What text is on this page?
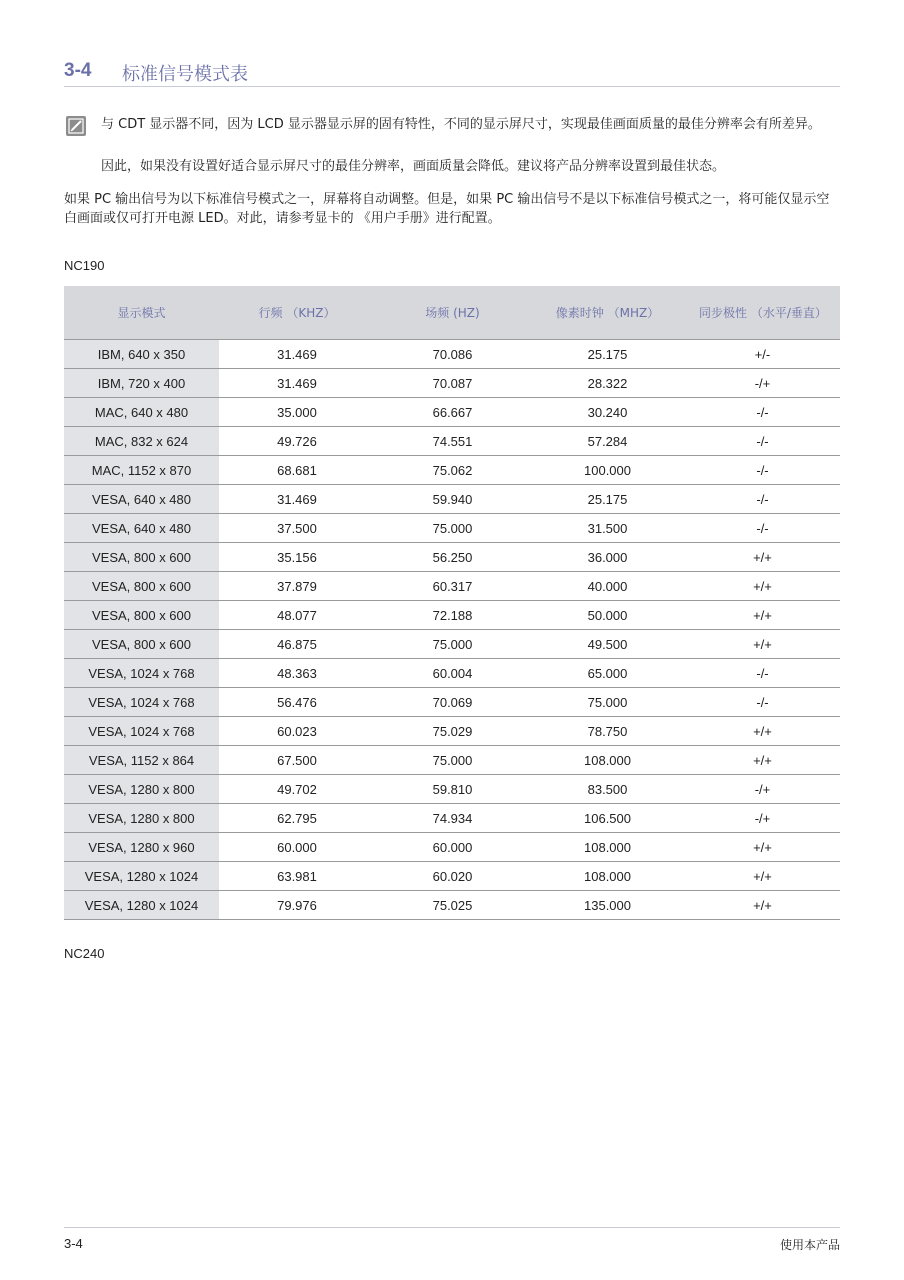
3-4 标准信号模式表

与 CDT 显示器不同，因为 LCD 显示器显示屏的固有特性，不同的显示屏尺寸，实现最佳画面质量的最佳分辨率会有所差异。

因此，如果没有设置好适合显示屏尺寸的最佳分辨率，画面质量会降低。建议将产品分辨率设置到最佳状态。

如果 PC 输出信号为以下标准信号模式之一，屏幕将自动调整。但是，如果 PC 输出信号不是以下标准信号模式之一，将可能仅显示空白画面或仅可打开电源 LED。对此，请参考显卡的 《用户手册》进行配置。

NC190
显示模式	行频 （KHZ）	场频 (HZ)	像素时钟 （MHZ）	同步极性 （水平/垂直）
IBM, 640 x 350	31.469	70.086	25.175	+/-
IBM, 720 x 400	31.469	70.087	28.322	-/+
MAC, 640 x 480	35.000	66.667	30.240	-/-
MAC, 832 x 624	49.726	74.551	57.284	-/-
MAC, 1152 x 870	68.681	75.062	100.000	-/-
VESA, 640 x 480	31.469	59.940	25.175	-/-
VESA, 640 x 480	37.500	75.000	31.500	-/-
VESA, 800 x 600	35.156	56.250	36.000	+/+
VESA, 800 x 600	37.879	60.317	40.000	+/+
VESA, 800 x 600	48.077	72.188	50.000	+/+
VESA, 800 x 600	46.875	75.000	49.500	+/+
VESA, 1024 x 768	48.363	60.004	65.000	-/-
VESA, 1024 x 768	56.476	70.069	75.000	-/-
VESA, 1024 x 768	60.023	75.029	78.750	+/+
VESA, 1152 x 864	67.500	75.000	108.000	+/+
VESA, 1280 x 800	49.702	59.810	83.500	-/+
VESA, 1280 x 800	62.795	74.934	106.500	-/+
VESA, 1280 x 960	60.000	60.000	108.000	+/+
VESA, 1280 x 1024	63.981	60.020	108.000	+/+
VESA, 1280 x 1024	79.976	75.025	135.000	+/+
NC240
3-4	使用本产品
